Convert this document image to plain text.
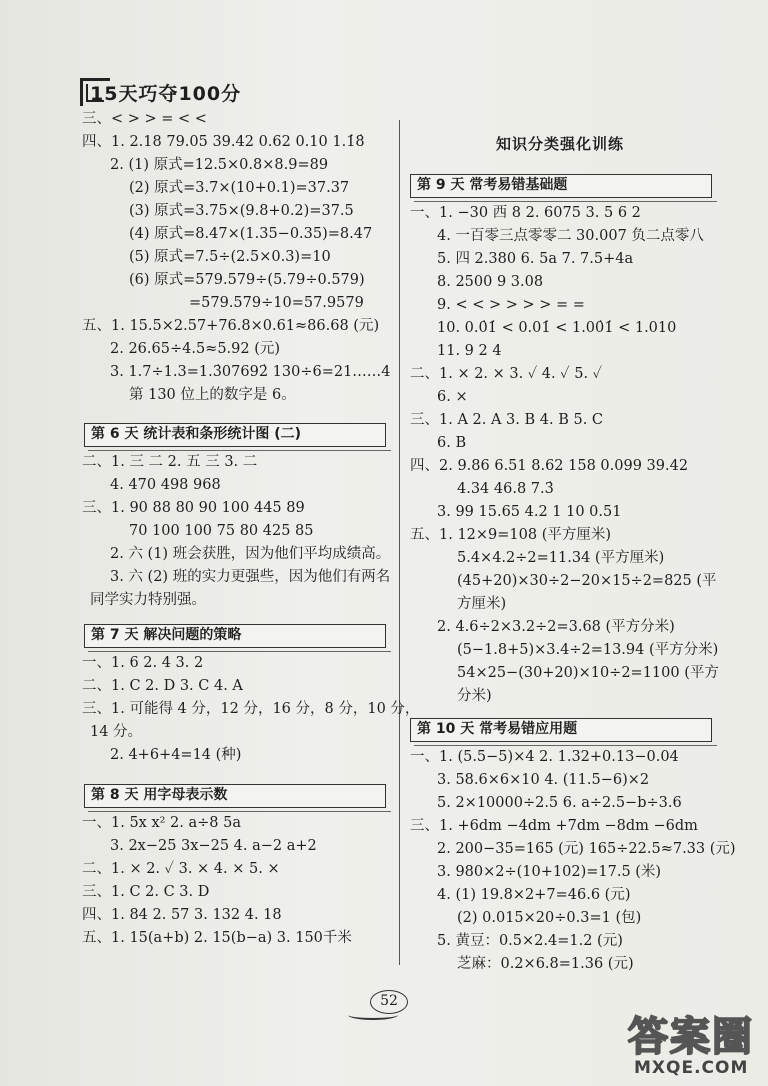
15天巧夺100分
三、< > > = < <
四、1. 2.18 79.05 39.42 0.62 0.10 1.1̇8̇
2. (1) 原式=12.5×0.8×8.9=89
(2) 原式=3.7×(10+0.1)=37.37
(3) 原式=3.75×(9.8+0.2)=37.5
(4) 原式=8.47×(1.35−0.35)=8.47
(5) 原式=7.5÷(2.5×0.3)=10
(6) 原式=579.579÷(5.79÷0.579)
=579.579÷10=57.9579
五、1. 15.5×2.57+76.8×0.61≈86.68 (元)
2. 26.65÷4.5≈5.92 (元)
3. 1.7÷1.3=1.3̇07692̇ 130÷6=21……4
第 130 位上的数字是 6。
第 6 天 统计表和条形统计图 (二)
二、1. 三 二 2. 五 三 3. 二
4. 470 498 968
三、1. 90 88 80 90 100 445 89
70 100 100 75 80 425 85
2. 六 (1) 班会获胜，因为他们平均成绩高。
3. 六 (2) 班的实力更强些，因为他们有两名
同学实力特别强。
第 7 天 解决问题的策略
一、1. 6 2. 4 3. 2
二、1. C 2. D 3. C 4. A
三、1. 可能得 4 分，12 分，16 分，8 分，10 分，
14 分。
2. 4+6+4=14 (种)
第 8 天 用字母表示数
一、1. 5x x² 2. a÷8 5a
3. 2x−25 3x−25 4. a−2 a+2
二、1. × 2. ✓ 3. × 4. × 5. ×
三、1. C 2. C 3. D
四、1. 84 2. 57 3. 132 4. 18
五、1. 15(a+b) 2. 15(b−a) 3. 150千米
知识分类强化训练
第 9 天 常考易错基础题
一、1. −30 西 8 2. 6075 3. 5 6 2
4. 一百零三点零零二 30.007 负二点零八
5. 四 2.380 6. 5a 7. 7.5+4a
8. 2500 9 3.08
9. < < > > > > = =
10. 0.0̇1̇ < 0.01̇ < 1.00̇1̇ < 1.010
11. 9 2 4
二、1. × 2. × 3. ✓ 4. ✓ 5. ✓
6. ×
三、1. A 2. A 3. B 4. B 5. C
6. B
四、2. 9.86 6.51 8.62 158 0.099 39.42
4.34 46.8 7.3̇
3. 99 15.65 4.2 1 10 0.51
五、1. 12×9=108 (平方厘米)
5.4×4.2÷2=11.34 (平方厘米)
(45+20)×30÷2−20×15÷2=825 (平
方厘米)
2. 4.6÷2×3.2÷2=3.68 (平方分米)
(5−1.8+5)×3.4÷2=13.94 (平方分米)
54×25−(30+20)×10÷2=1100 (平方
分米)
第 10 天 常考易错应用题
一、1. (5.5−5)×4 2. 1.32+0.13−0.04
3. 58.6×6×10 4. (11.5−6)×2
5. 2×10000÷2.5 6. a÷2.5−b÷3.6
三、1. +6dm −4dm +7dm −8dm −6dm
2. 200−35=165 (元) 165÷22.5≈7.33 (元)
3. 980×2÷(10+102)=17.5 (米)
4. (1) 19.8×2+7=46.6 (元)
(2) 0.015×20÷0.3=1 (包)
5. 黄豆：0.5×2.4=1.2 (元)
芝麻：0.2×6.8=1.36 (元)
52
答案圈
MXQE.COM
